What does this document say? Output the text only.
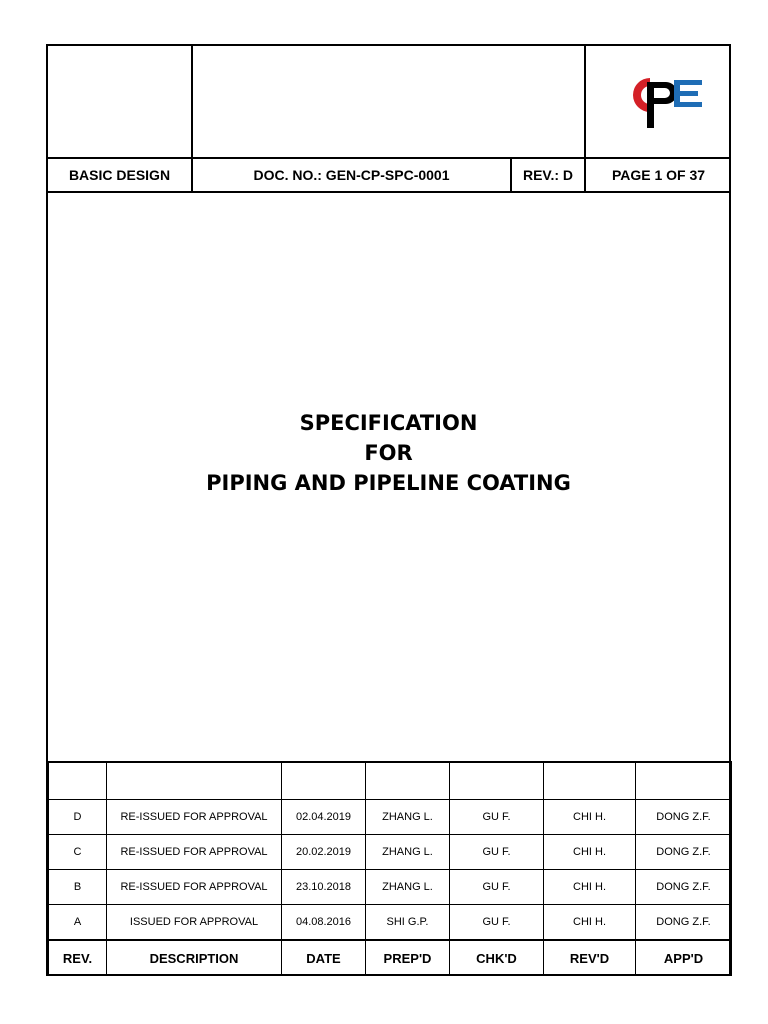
CPE
BASIC DESIGN	DOC. NO.: GEN-CP-SPC-0001	REV.: D	PAGE 1 OF 37
SPECIFICATION
FOR
PIPING AND PIPELINE COATING

D	RE-ISSUED FOR APPROVAL	02.04.2019	ZHANG L.	GU F.	CHI H.	DONG Z.F.
C	RE-ISSUED FOR APPROVAL	20.02.2019	ZHANG L.	GU F.	CHI H.	DONG Z.F.
B	RE-ISSUED FOR APPROVAL	23.10.2018	ZHANG L.	GU F.	CHI H.	DONG Z.F.
A	ISSUED FOR APPROVAL	04.08.2016	SHI G.P.	GU F.	CHI H.	DONG Z.F.
REV.	DESCRIPTION	DATE	PREP'D	CHK'D	REV'D	APP'D
